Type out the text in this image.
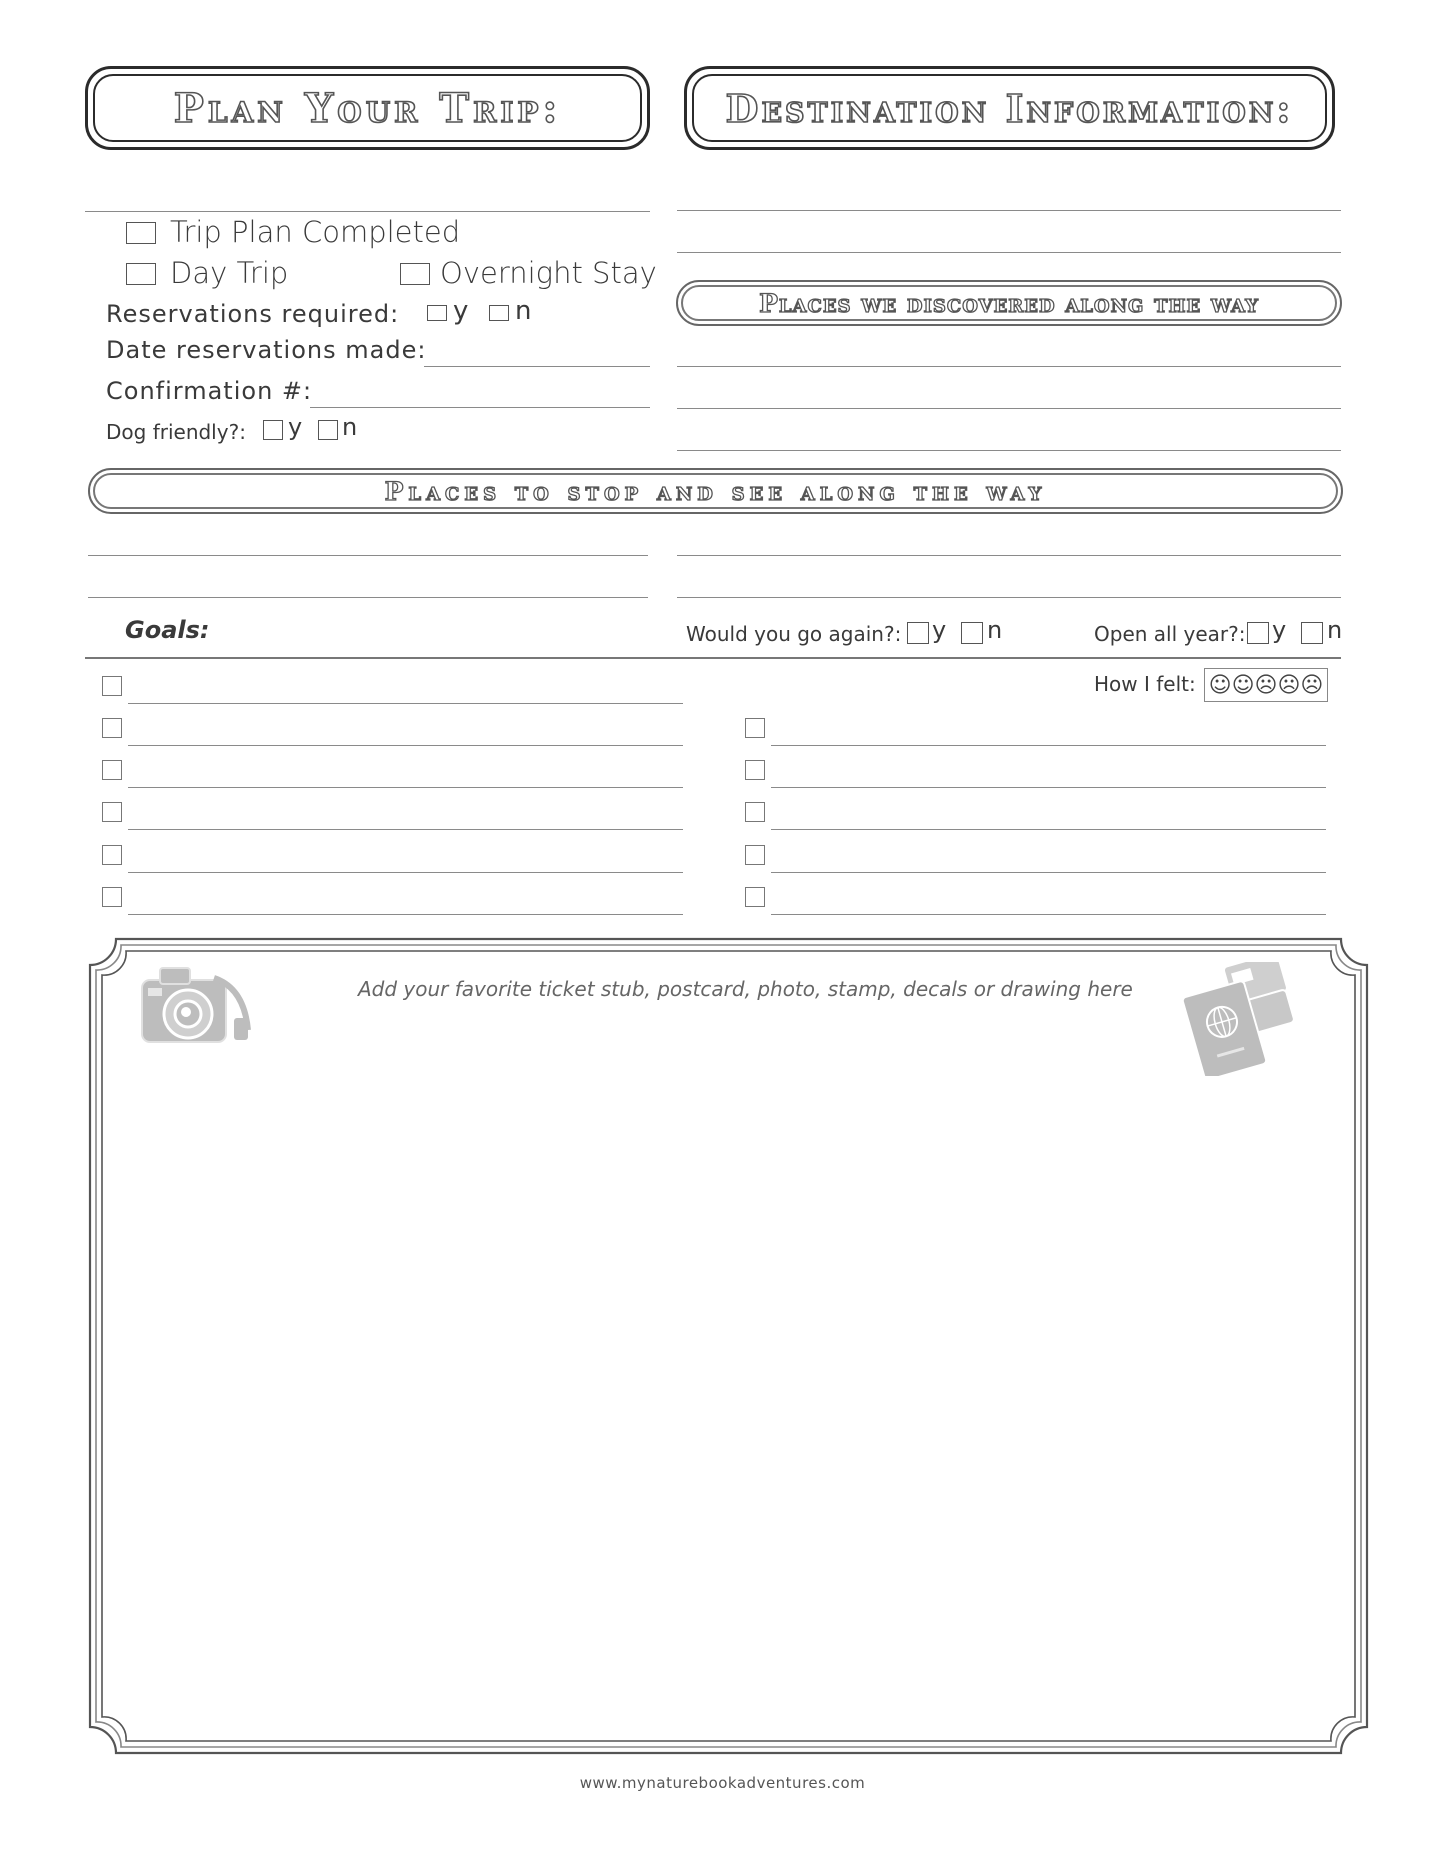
Plan Your Trip:	Destination Information:
Trip Plan Completed
Day Trip	Overnight Stay
Reservations required: y n
Date reservations made:
Confirmation #:
Dog friendly?: y n
Places we discovered along the way
Places to stop and see along the way
Goals:	Would you go again?: y n	Open all year?: y n
How I felt: ☺☺☹☹☹
Add your favorite ticket stub, postcard, photo, stamp, decals or drawing here
www.mynaturebookadventures.com
